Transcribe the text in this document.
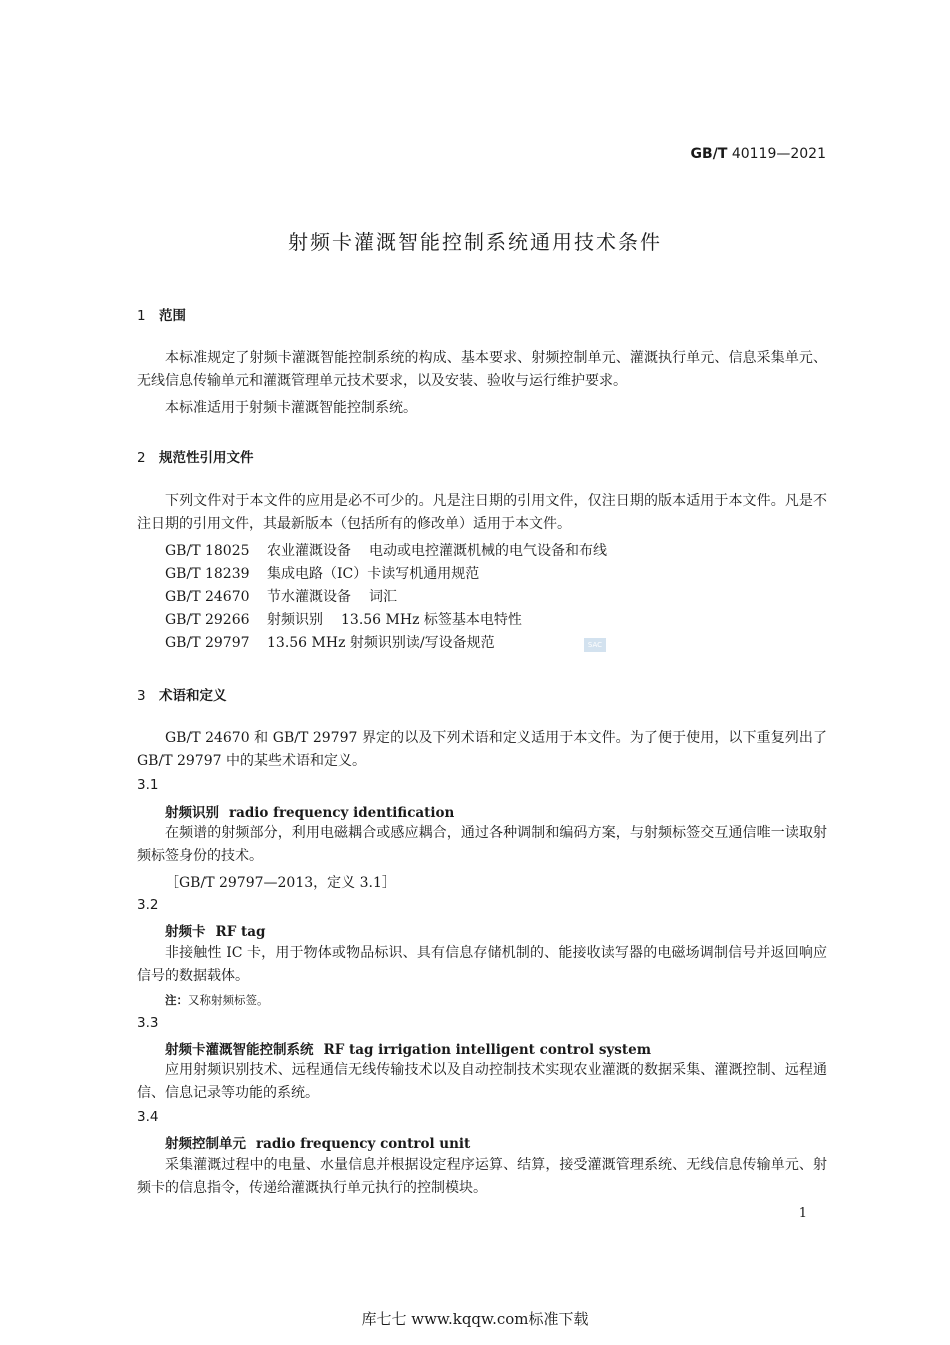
GB/T 40119—2021
射频卡灌溉智能控制系统通用技术条件
1 范围
本标准规定了射频卡灌溉智能控制系统的构成、基本要求、射频控制单元、灌溉执行单元、信息采集单元、无线信息传输单元和灌溉管理单元技术要求，以及安装、验收与运行维护要求。
本标准适用于射频卡灌溉智能控制系统。
2 规范性引用文件
下列文件对于本文件的应用是必不可少的。凡是注日期的引用文件，仅注日期的版本适用于本文件。凡是不注日期的引用文件，其最新版本（包括所有的修改单）适用于本文件。
GB/T 18025 农业灌溉设备 电动或电控灌溉机械的电气设备和布线
GB/T 18239 集成电路（IC）卡读写机通用规范
GB/T 24670 节水灌溉设备 词汇
GB/T 29266 射频识别 13.56 MHz 标签基本电特性
GB/T 29797 13.56 MHz 射频识别读/写设备规范	SAC
3 术语和定义
GB/T 24670 和 GB/T 29797 界定的以及下列术语和定义适用于本文件。为了便于使用，以下重复列出了 GB/T 29797 中的某些术语和定义。
3.1
射频识别 radio frequency identification
在频谱的射频部分，利用电磁耦合或感应耦合，通过各种调制和编码方案，与射频标签交互通信唯一读取射频标签身份的技术。
［GB/T 29797—2013，定义 3.1］
3.2
射频卡 RF tag
非接触性 IC 卡，用于物体或物品标识、具有信息存储机制的、能接收读写器的电磁场调制信号并返回响应信号的数据载体。
注：又称射频标签。
3.3
射频卡灌溉智能控制系统 RF tag irrigation intelligent control system
应用射频识别技术、远程通信无线传输技术以及自动控制技术实现农业灌溉的数据采集、灌溉控制、远程通信、信息记录等功能的系统。
3.4
射频控制单元 radio frequency control unit
采集灌溉过程中的电量、水量信息并根据设定程序运算、结算，接受灌溉管理系统、无线信息传输单元、射频卡的信息指令，传递给灌溉执行单元执行的控制模块。
1
库七七 www.kqqw.com标准下载
